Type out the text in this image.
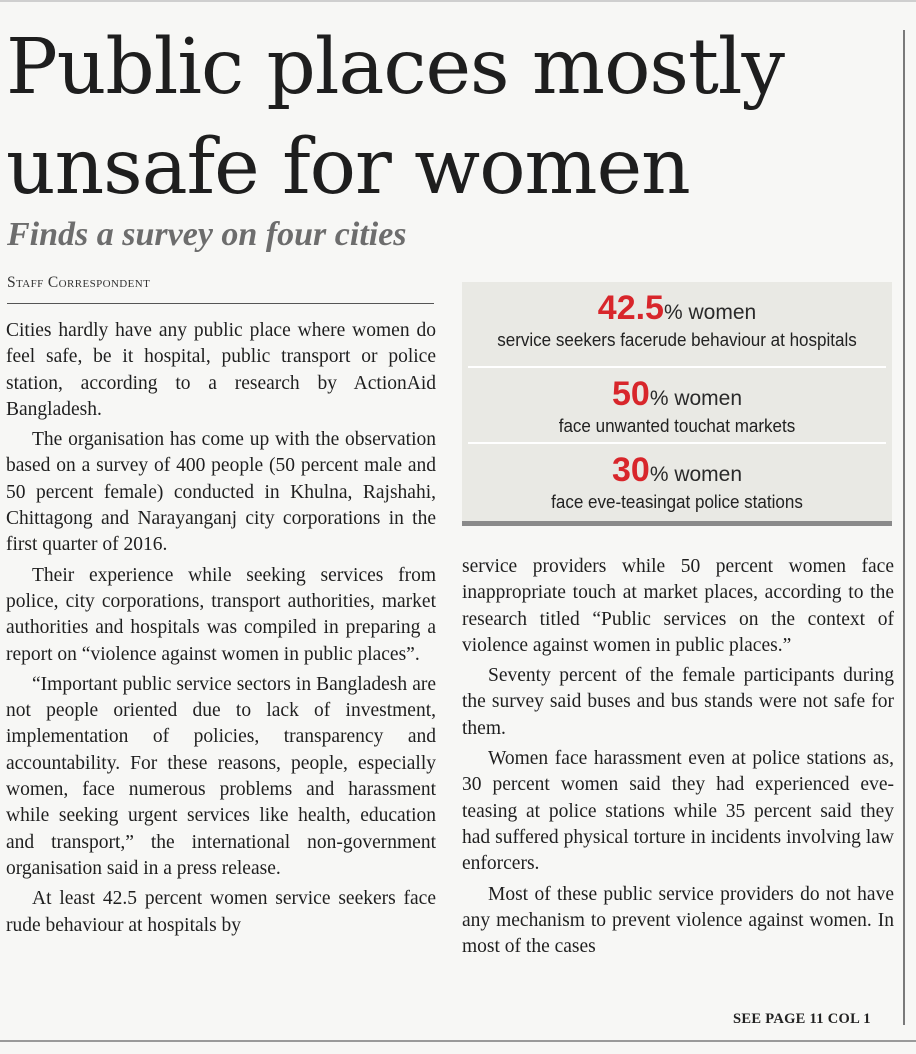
Public places mostly
unsafe for women
Finds a survey on four cities
Staff Correspondent

Cities hardly have any public place where women do feel safe, be it hospital, public transport or police station, according to a research by ActionAid Bangladesh.

The organisation has come up with the observation based on a survey of 400 people (50 percent male and 50 percent female) conducted in Khulna, Rajshahi, Chittagong and Narayanganj city corporations in the first quarter of 2016.

Their experience while seeking services from police, city corporations, transport authorities, market authorities and hospitals was compiled in preparing a report on “violence against women in public places”.

“Important public service sectors in Bangladesh are not people oriented due to lack of investment, implementation of policies, transparency and accountability. For these reasons, people, especially women, face numerous problems and harassment while seeking urgent services like health, education and transport,” the international non-government organisation said in a press release.

At least 42.5 percent women service seekers face rude behaviour at hospitals by

42.5% women
service seekers facerude behaviour at hospitals
50% women
face unwanted touchat markets
30% women
face eve-teasingat police stations

service providers while 50 percent women face inappropriate touch at market places, according to the research titled “Public services on the context of violence against women in public places.”

Seventy percent of the female participants during the survey said buses and bus stands were not safe for them.

Women face harassment even at police stations as, 30 percent women said they had experienced eve-teasing at police stations while 35 percent said they had suffered physical torture in incidents involving law enforcers.

Most of these public service providers do not have any mechanism to prevent violence against women. In most of the cases

SEE PAGE 11 COL 1
